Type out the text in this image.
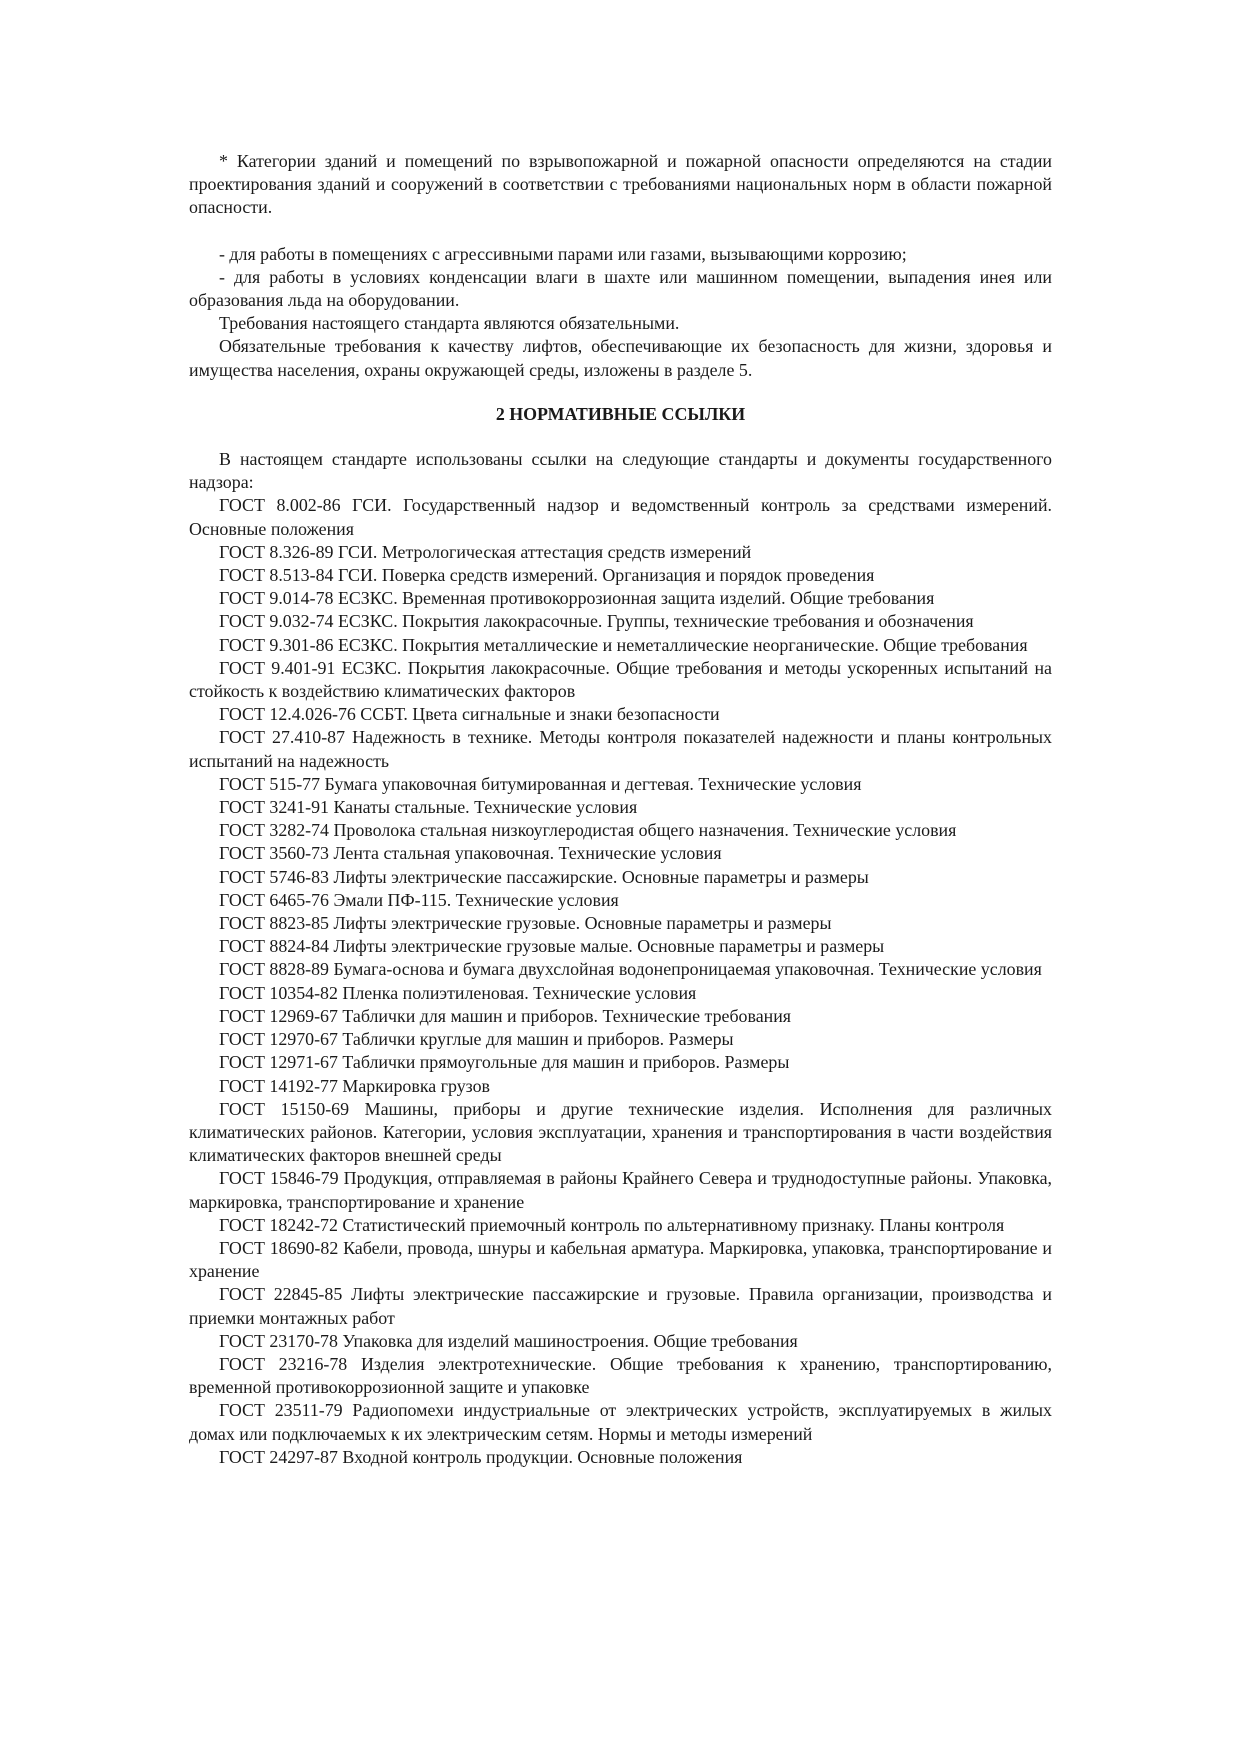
* Категории зданий и помещений по взрывопожарной и пожарной опасности определяются на стадии проектирования зданий и сооружений в соответствии с требованиями национальных норм в области пожарной опасности.

- для работы в помещениях с агрессивными парами или газами, вызывающими коррозию;

- для работы в условиях конденсации влаги в шахте или машинном помещении, выпадения инея или образования льда на оборудовании.

Требования настоящего стандарта являются обязательными.

Обязательные требования к качеству лифтов, обеспечивающие их безопасность для жизни, здоровья и имущества населения, охраны окружающей среды, изложены в разделе 5.

2 НОРМАТИВНЫЕ ССЫЛКИ

В настоящем стандарте использованы ссылки на следующие стандарты и документы государственного надзора:

ГОСТ 8.002-86 ГСИ. Государственный надзор и ведомственный контроль за средствами измерений. Основные положения

ГОСТ 8.326-89 ГСИ. Метрологическая аттестация средств измерений

ГОСТ 8.513-84 ГСИ. Поверка средств измерений. Организация и порядок проведения

ГОСТ 9.014-78 ЕСЗКС. Временная противокоррозионная защита изделий. Общие требования

ГОСТ 9.032-74 ЕСЗКС. Покрытия лакокрасочные. Группы, технические требования и обозначения

ГОСТ 9.301-86 ЕСЗКС. Покрытия металлические и неметаллические неорганические. Общие требования

ГОСТ 9.401-91 ЕСЗКС. Покрытия лакокрасочные. Общие требования и методы ускоренных испытаний на стойкость к воздействию климатических факторов

ГОСТ 12.4.026-76 ССБТ. Цвета сигнальные и знаки безопасности

ГОСТ 27.410-87 Надежность в технике. Методы контроля показателей надежности и планы контрольных испытаний на надежность

ГОСТ 515-77 Бумага упаковочная битумированная и дегтевая. Технические условия

ГОСТ 3241-91 Канаты стальные. Технические условия

ГОСТ 3282-74 Проволока стальная низкоуглеродистая общего назначения. Технические условия

ГОСТ 3560-73 Лента стальная упаковочная. Технические условия

ГОСТ 5746-83 Лифты электрические пассажирские. Основные параметры и размеры

ГОСТ 6465-76 Эмали ПФ-115. Технические условия

ГОСТ 8823-85 Лифты электрические грузовые. Основные параметры и размеры

ГОСТ 8824-84 Лифты электрические грузовые малые. Основные параметры и размеры

ГОСТ 8828-89 Бумага-основа и бумага двухслойная водонепроницаемая упаковочная. Технические условия

ГОСТ 10354-82 Пленка полиэтиленовая. Технические условия

ГОСТ 12969-67 Таблички для машин и приборов. Технические требования

ГОСТ 12970-67 Таблички круглые для машин и приборов. Размеры

ГОСТ 12971-67 Таблички прямоугольные для машин и приборов. Размеры

ГОСТ 14192-77 Маркировка грузов

ГОСТ 15150-69 Машины, приборы и другие технические изделия. Исполнения для различных климатических районов. Категории, условия эксплуатации, хранения и транспортирования в части воздействия климатических факторов внешней среды

ГОСТ 15846-79 Продукция, отправляемая в районы Крайнего Севера и труднодоступные районы. Упаковка, маркировка, транспортирование и хранение

ГОСТ 18242-72 Статистический приемочный контроль по альтернативному признаку. Планы контроля

ГОСТ 18690-82 Кабели, провода, шнуры и кабельная арматура. Маркировка, упаковка, транспортирование и хранение

ГОСТ 22845-85 Лифты электрические пассажирские и грузовые. Правила организации, производства и приемки монтажных работ

ГОСТ 23170-78 Упаковка для изделий машиностроения. Общие требования

ГОСТ 23216-78 Изделия электротехнические. Общие требования к хранению, транспортированию, временной противокоррозионной защите и упаковке

ГОСТ 23511-79 Радиопомехи индустриальные от электрических устройств, эксплуатируемых в жилых домах или подключаемых к их электрическим сетям. Нормы и методы измерений

ГОСТ 24297-87 Входной контроль продукции. Основные положения
